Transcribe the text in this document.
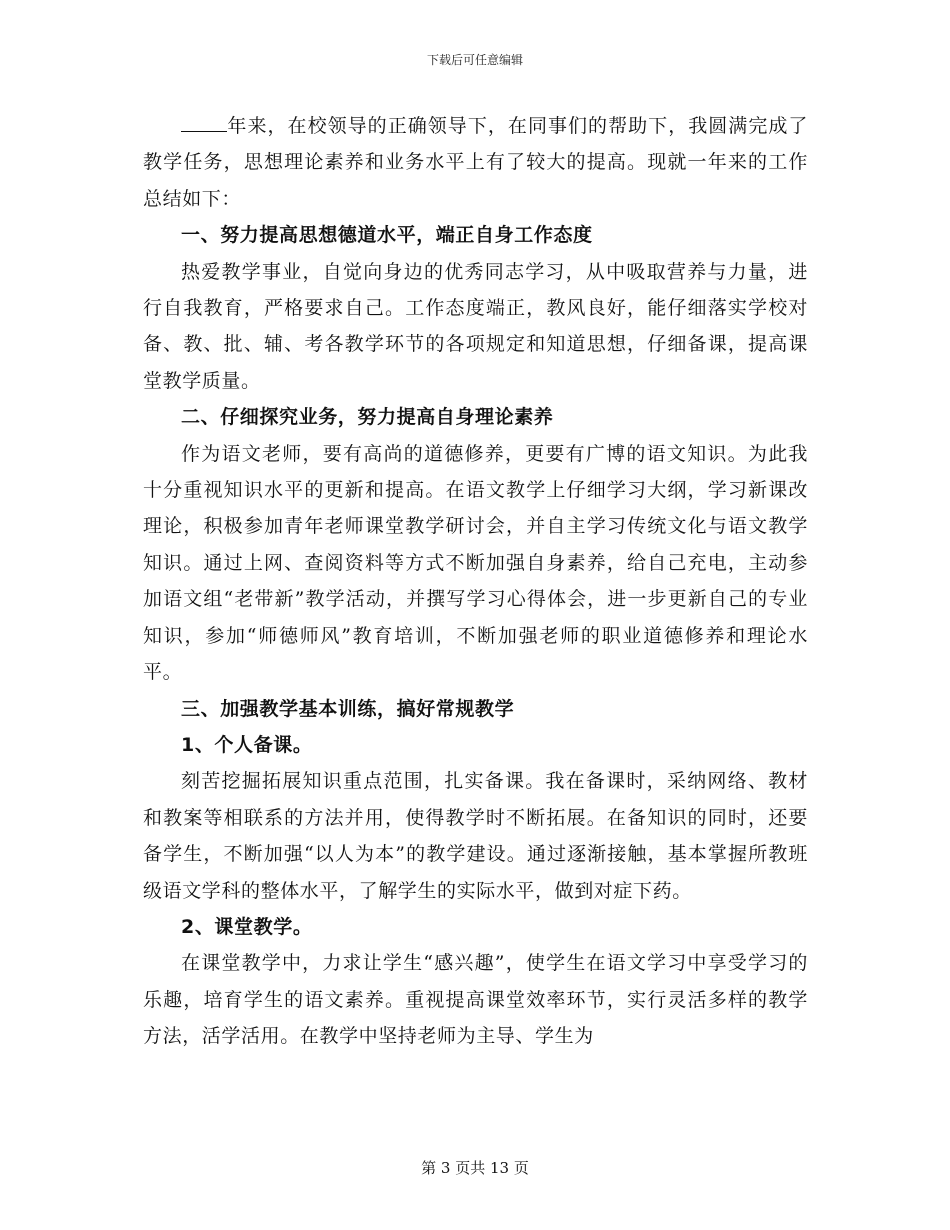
下载后可任意编辑

年来，在校领导的正确领导下，在同事们的帮助下，我圆满完成了教学任务，思想理论素养和业务水平上有了较大的提高。现就一年来的工作总结如下：

一、努力提高思想德道水平，端正自身工作态度

热爱教学事业，自觉向身边的优秀同志学习，从中吸取营养与力量，进行自我教育，严格要求自己。工作态度端正，教风良好，能仔细落实学校对备、教、批、辅、考各教学环节的各项规定和知道思想，仔细备课，提高课堂教学质量。

二、仔细探究业务，努力提高自身理论素养

作为语文老师，要有高尚的道德修养，更要有广博的语文知识。为此我十分重视知识水平的更新和提高。在语文教学上仔细学习大纲，学习新课改理论，积极参加青年老师课堂教学研讨会，并自主学习传统文化与语文教学知识。通过上网、查阅资料等方式不断加强自身素养，给自己充电，主动参加语文组“老带新”教学活动，并撰写学习心得体会，进一步更新自己的专业知识，参加“师德师风”教育培训，不断加强老师的职业道德修养和理论水平。

三、加强教学基本训练，搞好常规教学

1、个人备课。

刻苦挖掘拓展知识重点范围，扎实备课。我在备课时，采纳网络、教材和教案等相联系的方法并用，使得教学时不断拓展。在备知识的同时，还要备学生，不断加强“以人为本”的教学建设。通过逐渐接触，基本掌握所教班级语文学科的整体水平，了解学生的实际水平，做到对症下药。

2、课堂教学。

在课堂教学中，力求让学生“感兴趣”，使学生在语文学习中享受学习的乐趣，培育学生的语文素养。重视提高课堂效率环节，实行灵活多样的教学方法，活学活用。在教学中坚持老师为主导、学生为

第 3 页共 13 页
